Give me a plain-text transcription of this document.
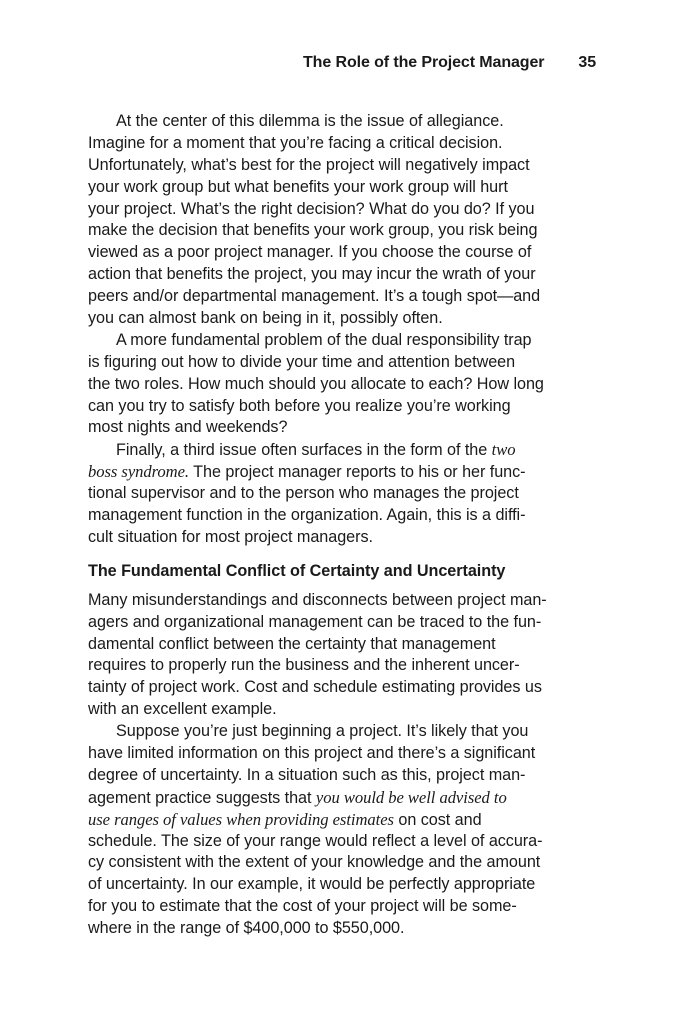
The Role of the Project Manager 35
At the center of this dilemma is the issue of allegiance.
Imagine for a moment that you’re facing a critical decision.
Unfortunately, what’s best for the project will negatively impact
your work group but what benefits your work group will hurt
your project. What’s the right decision? What do you do? If you
make the decision that benefits your work group, you risk being
viewed as a poor project manager. If you choose the course of
action that benefits the project, you may incur the wrath of your
peers and/or departmental management. It’s a tough spot—and
you can almost bank on being in it, possibly often.
A more fundamental problem of the dual responsibility trap
is figuring out how to divide your time and attention between
the two roles. How much should you allocate to each? How long
can you try to satisfy both before you realize you’re working
most nights and weekends?
Finally, a third issue often surfaces in the form of the two
boss syndrome. The project manager reports to his or her func-
tional supervisor and to the person who manages the project
management function in the organization. Again, this is a diffi-
cult situation for most project managers.
The Fundamental Conflict of Certainty and Uncertainty
Many misunderstandings and disconnects between project man-
agers and organizational management can be traced to the fun-
damental conflict between the certainty that management
requires to properly run the business and the inherent uncer-
tainty of project work. Cost and schedule estimating provides us
with an excellent example.
Suppose you’re just beginning a project. It’s likely that you
have limited information on this project and there’s a significant
degree of uncertainty. In a situation such as this, project man-
agement practice suggests that you would be well advised to
use ranges of values when providing estimates on cost and
schedule. The size of your range would reflect a level of accura-
cy consistent with the extent of your knowledge and the amount
of uncertainty. In our example, it would be perfectly appropriate
for you to estimate that the cost of your project will be some-
where in the range of $400,000 to $550,000.
